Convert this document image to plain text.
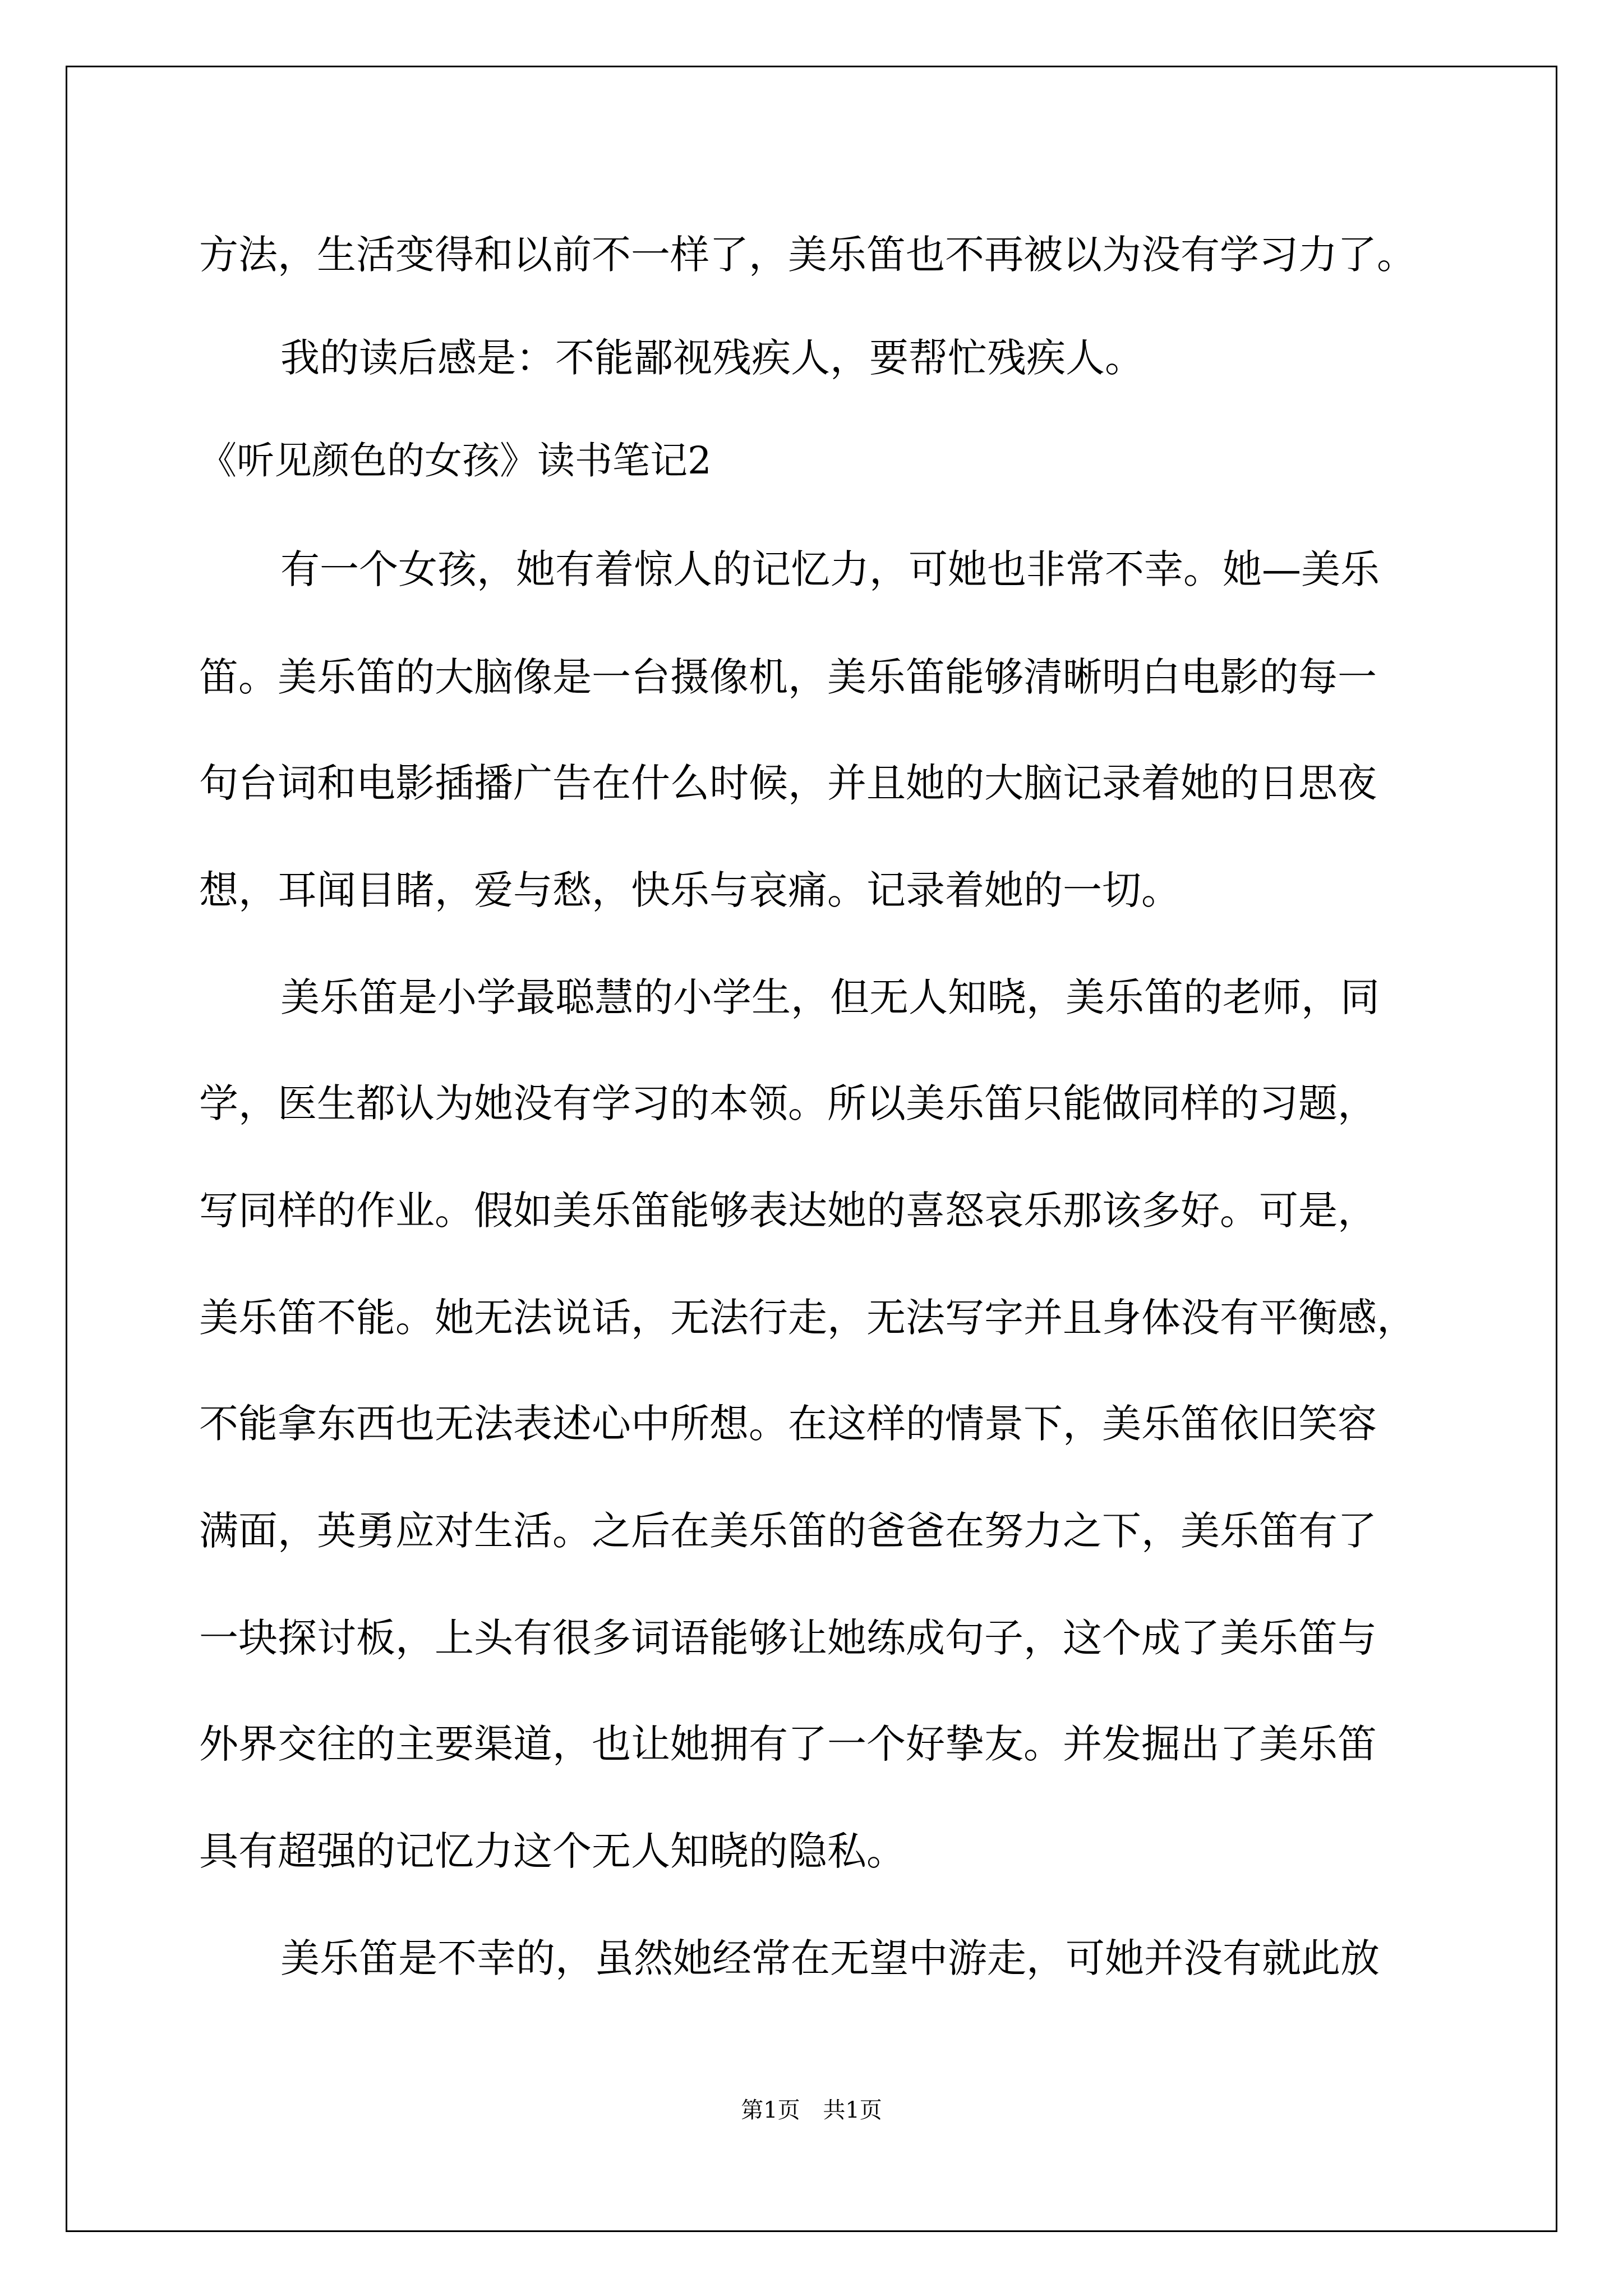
方法，生活变得和以前不一样了，美乐笛也不再被以为没有学习力了。
我的读后感是：不能鄙视残疾人，要帮忙残疾人。
《听见颜色的女孩》读书笔记2
有一个女孩，她有着惊人的记忆力，可她也非常不幸。她—美乐
笛。美乐笛的大脑像是一台摄像机，美乐笛能够清晰明白电影的每一
句台词和电影插播广告在什么时候，并且她的大脑记录着她的日思夜
想，耳闻目睹，爱与愁，快乐与哀痛。记录着她的一切。
美乐笛是小学最聪慧的小学生，但无人知晓，美乐笛的老师，同
学，医生都认为她没有学习的本领。所以美乐笛只能做同样的习题，
写同样的作业。假如美乐笛能够表达她的喜怒哀乐那该多好。可是，
美乐笛不能。她无法说话，无法行走，无法写字并且身体没有平衡感，
不能拿东西也无法表述心中所想。在这样的情景下，美乐笛依旧笑容
满面，英勇应对生活。之后在美乐笛的爸爸在努力之下，美乐笛有了
一块探讨板，上头有很多词语能够让她练成句子，这个成了美乐笛与
外界交往的主要渠道，也让她拥有了一个好挚友。并发掘出了美乐笛
具有超强的记忆力这个无人知晓的隐私。
美乐笛是不幸的，虽然她经常在无望中游走，可她并没有就此放
第1页 共1页
